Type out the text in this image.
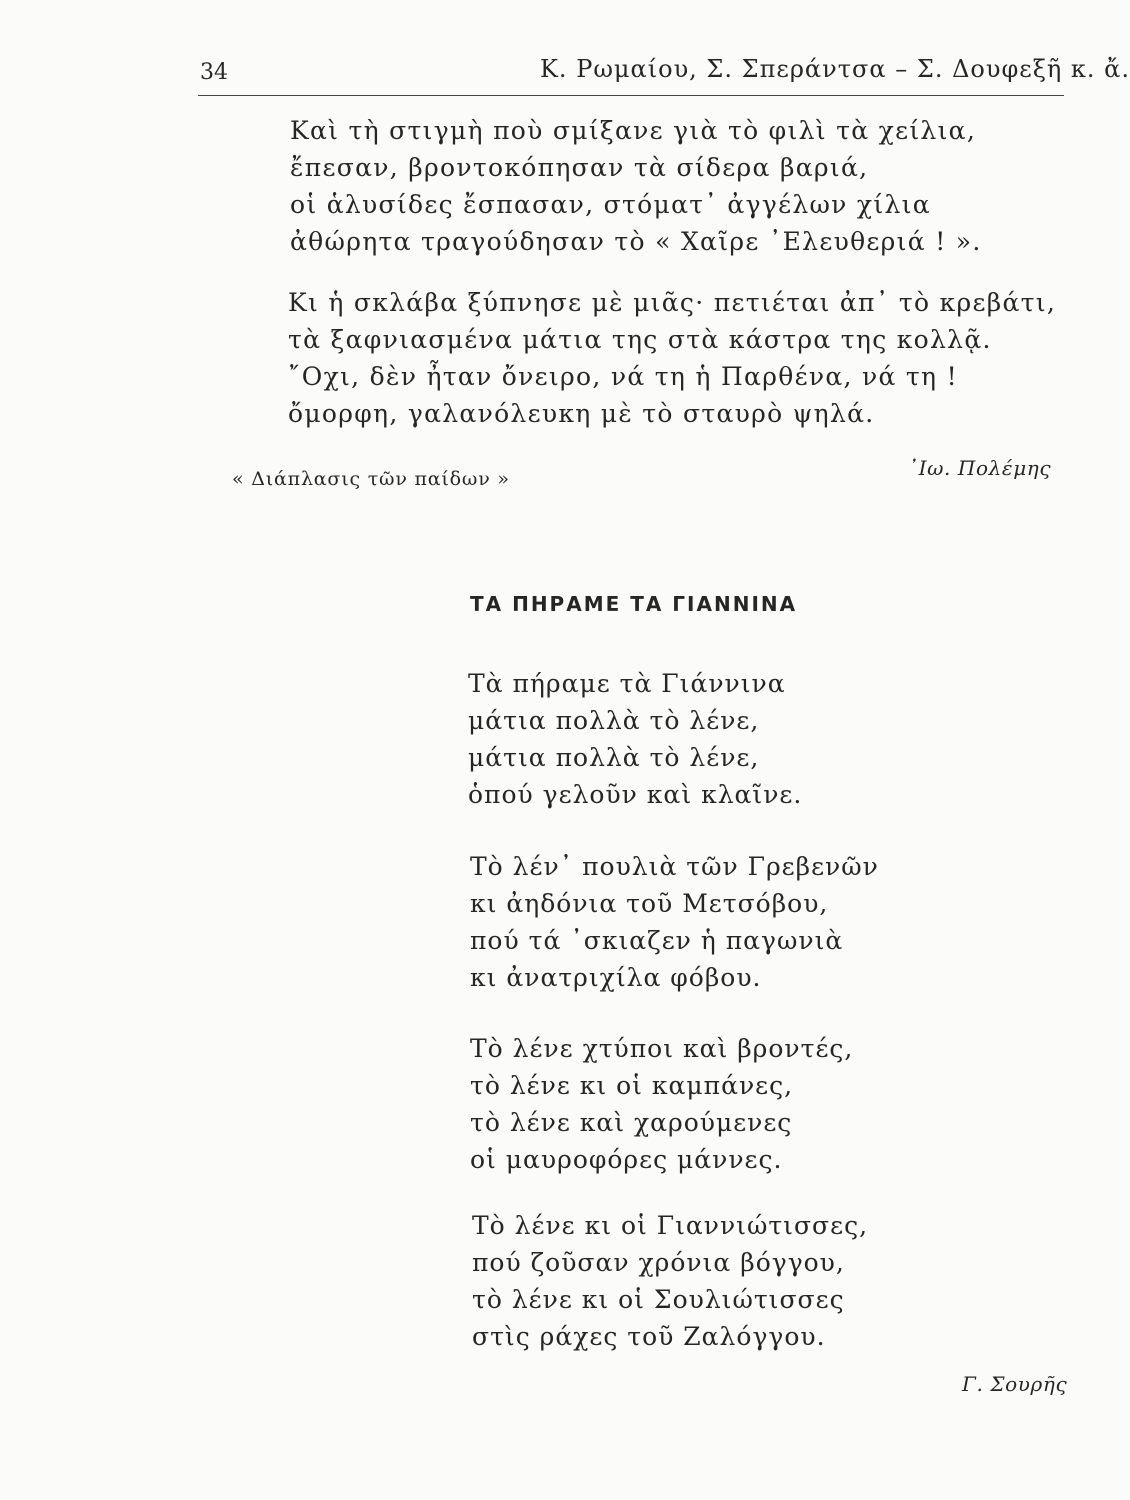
34	Κ. Ρωμαίου, Σ. Σπεράντσα – Σ. Δουφεξῆ κ. ἄ.
Καὶ τὴ στιγμὴ ποὺ σμίξανε γιὰ τὸ φιλὶ τὰ χείλια,
ἔπεσαν, βροντοκόπησαν τὰ σίδερα βαριά,
οἱ ἁλυσίδες ἔσπασαν, στόματ᾽ ἀγγέλων χίλια
ἀθώρητα τραγούδησαν τὸ « Χαῖρε ᾽Ελευθεριά ! ».
Κι ἡ σκλάβα ξύπνησε μὲ μιᾶς· πετιέται ἀπ᾽ τὸ κρεβάτι,
τὰ ξαφνιασμένα μάτια της στὰ κάστρα της κολλᾷ.
῎Οχι, δὲν ἦταν ὄνειρο, νά τη ἡ Παρθένα, νά τη !
ὄμορφη, γαλανόλευκη μὲ τὸ σταυρὸ ψηλά.
« Διάπλασις τῶν παίδων »	᾽Ιω. Πολέμης
ΤΑ ΠΗΡΑΜΕ ΤΑ ΓΙΑΝΝΙΝΑ
Τὰ πήραμε τὰ Γιάννινα
μάτια πολλὰ τὸ λένε,
μάτια πολλὰ τὸ λένε,
ὁπού γελοῦν καὶ κλαῖνε.
Τὸ λέν᾽ πουλιὰ τῶν Γρεβενῶν
κι ἀηδόνια τοῦ Μετσόβου,
πού τά ᾽σκιαζεν ἡ παγωνιὰ
κι ἀνατριχίλα φόβου.
Τὸ λένε χτύποι καὶ βροντές,
τὸ λένε κι οἱ καμπάνες,
τὸ λένε καὶ χαρούμενες
οἱ μαυροφόρες μάννες.
Τὸ λένε κι οἱ Γιαννιώτισσες,
πού ζοῦσαν χρόνια βόγγου,
τὸ λένε κι οἱ Σουλιώτισσες
στὶς ράχες τοῦ Ζαλόγγου.
Γ. Σουρῆς
